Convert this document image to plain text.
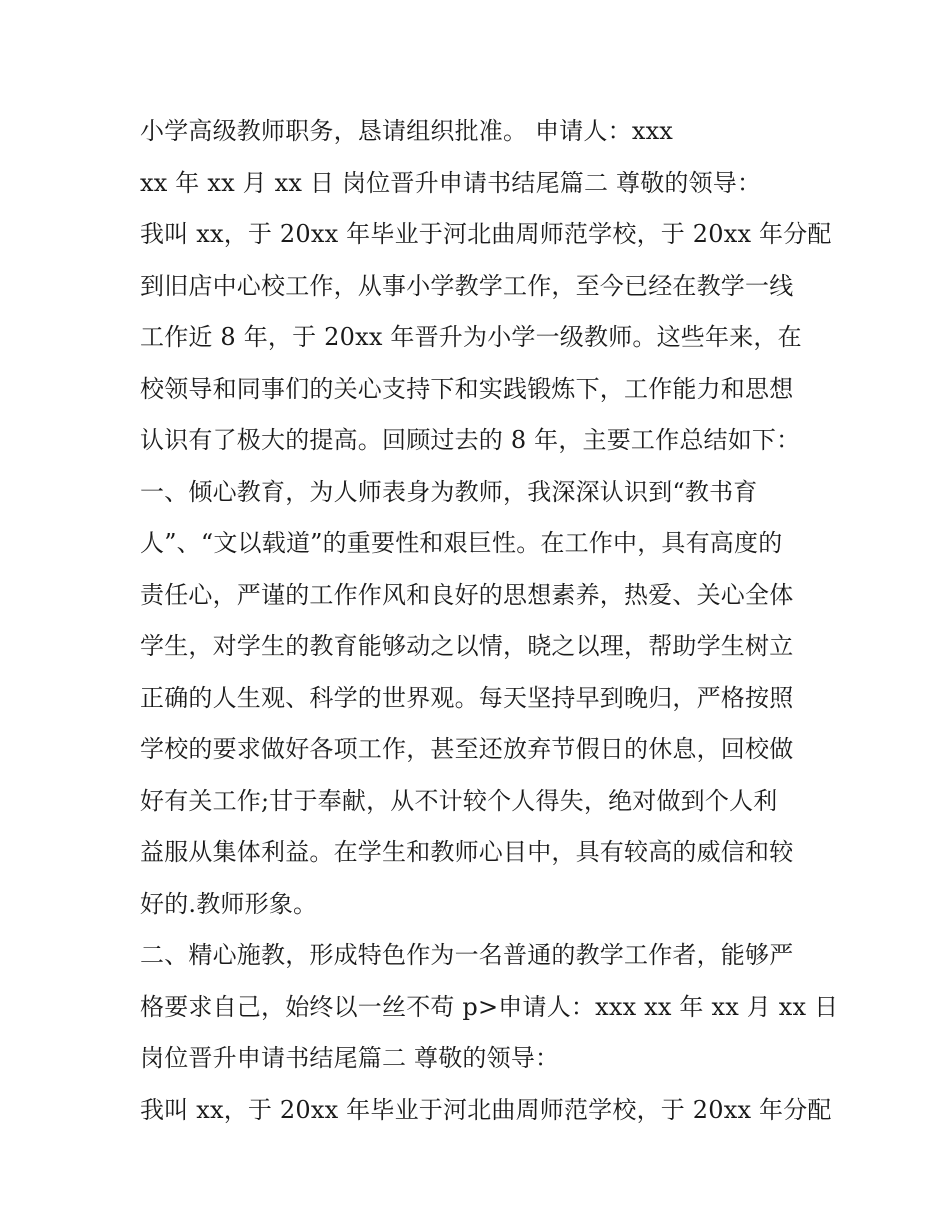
小学高级教师职务，恳请组织批准。 申请人：xxx
xx 年 xx 月 xx 日 岗位晋升申请书结尾篇二 尊敬的领导：
我叫 xx，于 20xx 年毕业于河北曲周师范学校，于 20xx 年分配
到旧店中心校工作，从事小学教学工作，至今已经在教学一线
工作近 8 年，于 20xx 年晋升为小学一级教师。这些年来，在
校领导和同事们的关心支持下和实践锻炼下，工作能力和思想
认识有了极大的提高。回顾过去的 8 年，主要工作总结如下：
一、倾心教育，为人师表身为教师，我深深认识到“教书育
人”、“文以载道”的重要性和艰巨性。在工作中，具有高度的
责任心，严谨的工作作风和良好的思想素养，热爱、关心全体
学生，对学生的教育能够动之以情，晓之以理，帮助学生树立
正确的人生观、科学的世界观。每天坚持早到晚归，严格按照
学校的要求做好各项工作，甚至还放弃节假日的休息，回校做
好有关工作;甘于奉献，从不计较个人得失，绝对做到个人利
益服从集体利益。在学生和教师心目中，具有较高的威信和较
好的.教师形象。
二、精心施教，形成特色作为一名普通的教学工作者，能够严
格要求自己，始终以一丝不苟 p>申请人：xxx xx 年 xx 月 xx 日
岗位晋升申请书结尾篇二 尊敬的领导：
我叫 xx，于 20xx 年毕业于河北曲周师范学校，于 20xx 年分配
